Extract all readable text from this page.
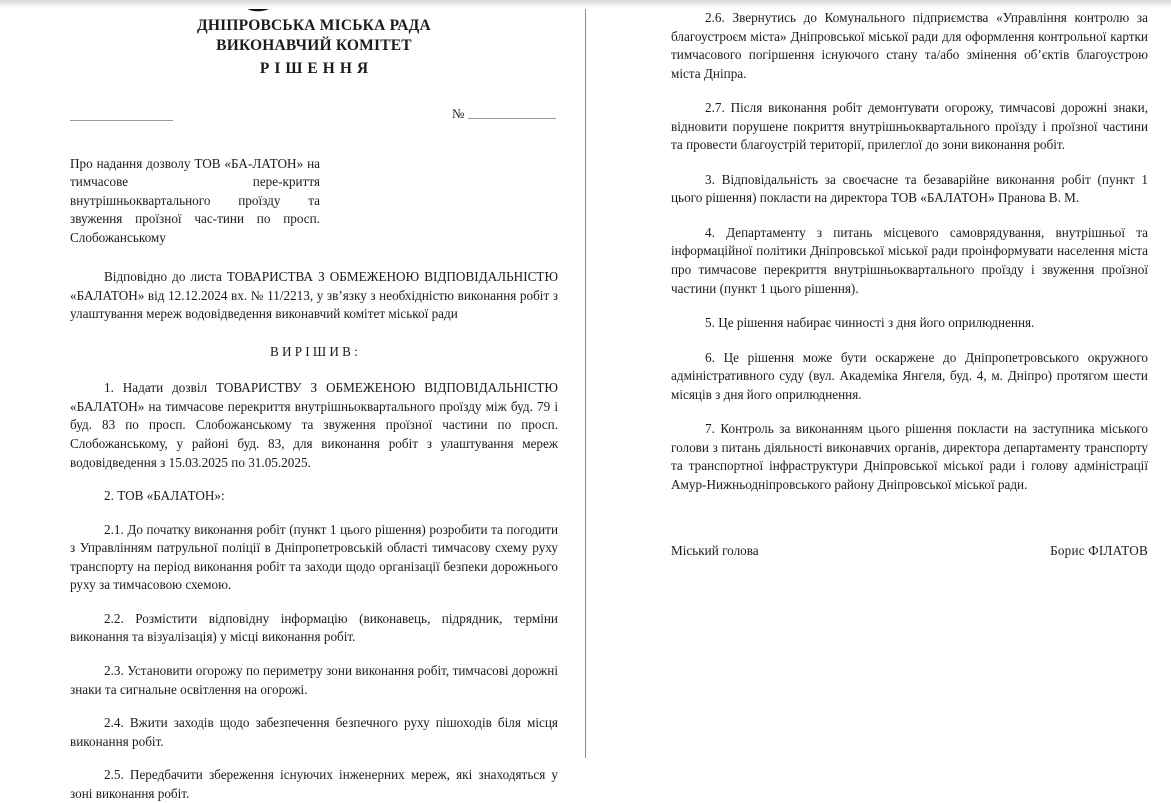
ДНІПРОВСЬКА МІСЬКА РАДА
ВИКОНАВЧИЙ КОМІТЕТ
РІШЕННЯ
№
Про надання дозволу ТОВ «БА-ЛАТОН» на тимчасове пере-криття внутрішньоквартального проїзду та звуження проїзної час-тини по просп. Слобожанському

Відповідно до листа ТОВАРИСТВА З ОБМЕЖЕНОЮ ВІДПОВІДАЛЬНІСТЮ «БАЛАТОН» від 12.12.2024 вх. № 11/2213, у зв’язку з необхідністю виконання робіт з улаштування мереж водовідведення виконавчий комітет міської ради

ВИРІШИВ:

1. Надати дозвіл ТОВАРИСТВУ З ОБМЕЖЕНОЮ ВІДПОВІДАЛЬНІСТЮ «БАЛАТОН» на тимчасове перекриття внутрішньоквартального проїзду між буд. 79 і буд. 83 по просп. Слобожанському та звуження проїзної частини по просп. Слобожанському, у районі буд. 83, для виконання робіт з улаштування мереж водовідведення з 15.03.2025 по 31.05.2025.

2. ТОВ «БАЛАТОН»:

2.1. До початку виконання робіт (пункт 1 цього рішення) розробити та погодити з Управлінням патрульної поліції в Дніпропетровській області тимчасову схему руху транспорту на період виконання робіт та заходи щодо організації безпеки дорожнього руху за тимчасовою схемою.

2.2. Розмістити відповідну інформацію (виконавець, підрядник, терміни виконання та візуалізація) у місці виконання робіт.

2.3. Установити огорожу по периметру зони виконання робіт, тимчасові дорожні знаки та сигнальне освітлення на огорожі.

2.4. Вжити заходів щодо забезпечення безпечного руху пішоходів біля місця виконання робіт.

2.5. Передбачити збереження існуючих інженерних мереж, які знаходяться у зоні виконання робіт.

2.6. Звернутись до Комунального підприємства «Управління контролю за благоустроєм міста» Дніпровської міської ради для оформлення контрольної картки тимчасового погіршення існуючого стану та/або змінення об’єктів благоустрою міста Дніпра.

2.7. Після виконання робіт демонтувати огорожу, тимчасові дорожні знаки, відновити порушене покриття внутрішньоквартального проїзду і проїзної частини та провести благоустрій території, прилеглої до зони виконання робіт.

3. Відповідальність за своєчасне та безаварійне виконання робіт (пункт 1 цього рішення) покласти на директора ТОВ «БАЛАТОН» Пранова В. М.

4. Департаменту з питань місцевого самоврядування, внутрішньої та інформаційної політики Дніпровської міської ради проінформувати населення міста про тимчасове перекриття внутрішньоквартального проїзду і звуження проїзної частини (пункт 1 цього рішення).

5. Це рішення набирає чинності з дня його оприлюднення.

6. Це рішення може бути оскаржене до Дніпропетровського окружного адміністративного суду (вул. Академіка Янгеля, буд. 4, м. Дніпро) протягом шести місяців з дня його оприлюднення.

7. Контроль за виконанням цього рішення покласти на заступника міського голови з питань діяльності виконавчих органів, директора департаменту транспорту та транспортної інфраструктури Дніпровської міської ради і голову адміністрації Амур-Нижньодніпровського району Дніпровської міської ради.

Міський голова	Борис ФІЛАТОВ
